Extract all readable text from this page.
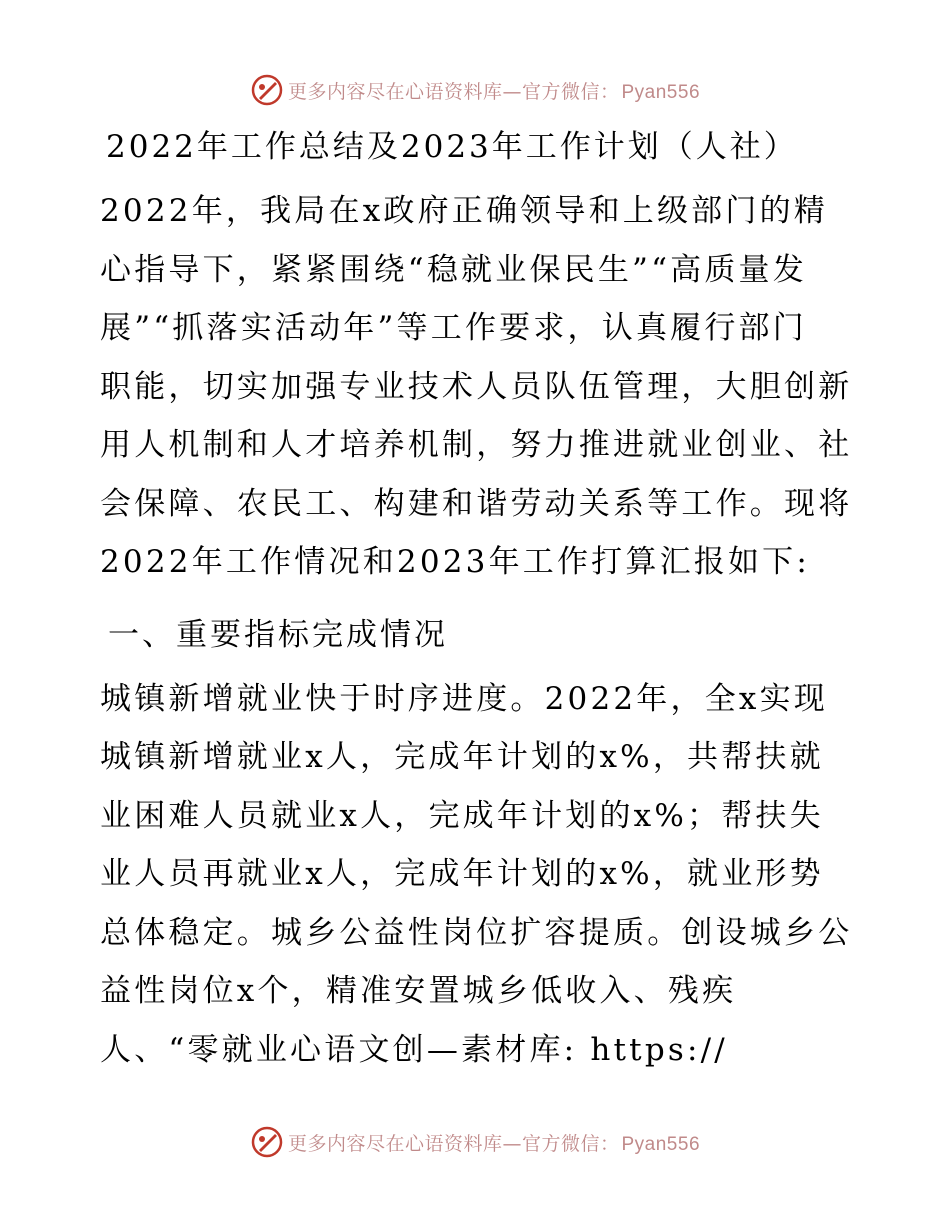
更多内容尽在心语资料库—官方微信： Pyan556
2022年工作总结及2023年工作计划（人社）
2022年，我局在x政府正确领导和上级部门的精
心指导下，紧紧围绕“稳就业保民生”“高质量发
展”“抓落实活动年”等工作要求，认真履行部门
职能，切实加强专业技术人员队伍管理，大胆创新
用人机制和人才培养机制，努力推进就业创业、社
会保障、农民工、构建和谐劳动关系等工作。现将
2022年工作情况和2023年工作打算汇报如下:
一、重要指标完成情况
城镇新增就业快于时序进度。2022年，全x实现
城镇新增就业x人，完成年计划的x%，共帮扶就
业困难人员就业x人，完成年计划的x%；帮扶失
业人员再就业x人，完成年计划的x%，就业形势
总体稳定。城乡公益性岗位扩容提质。创设城乡公
益性岗位x个，精准安置城乡低收入、残疾
人、“零就业心语文创—素材库: https://
更多内容尽在心语资料库—官方微信： Pyan556
